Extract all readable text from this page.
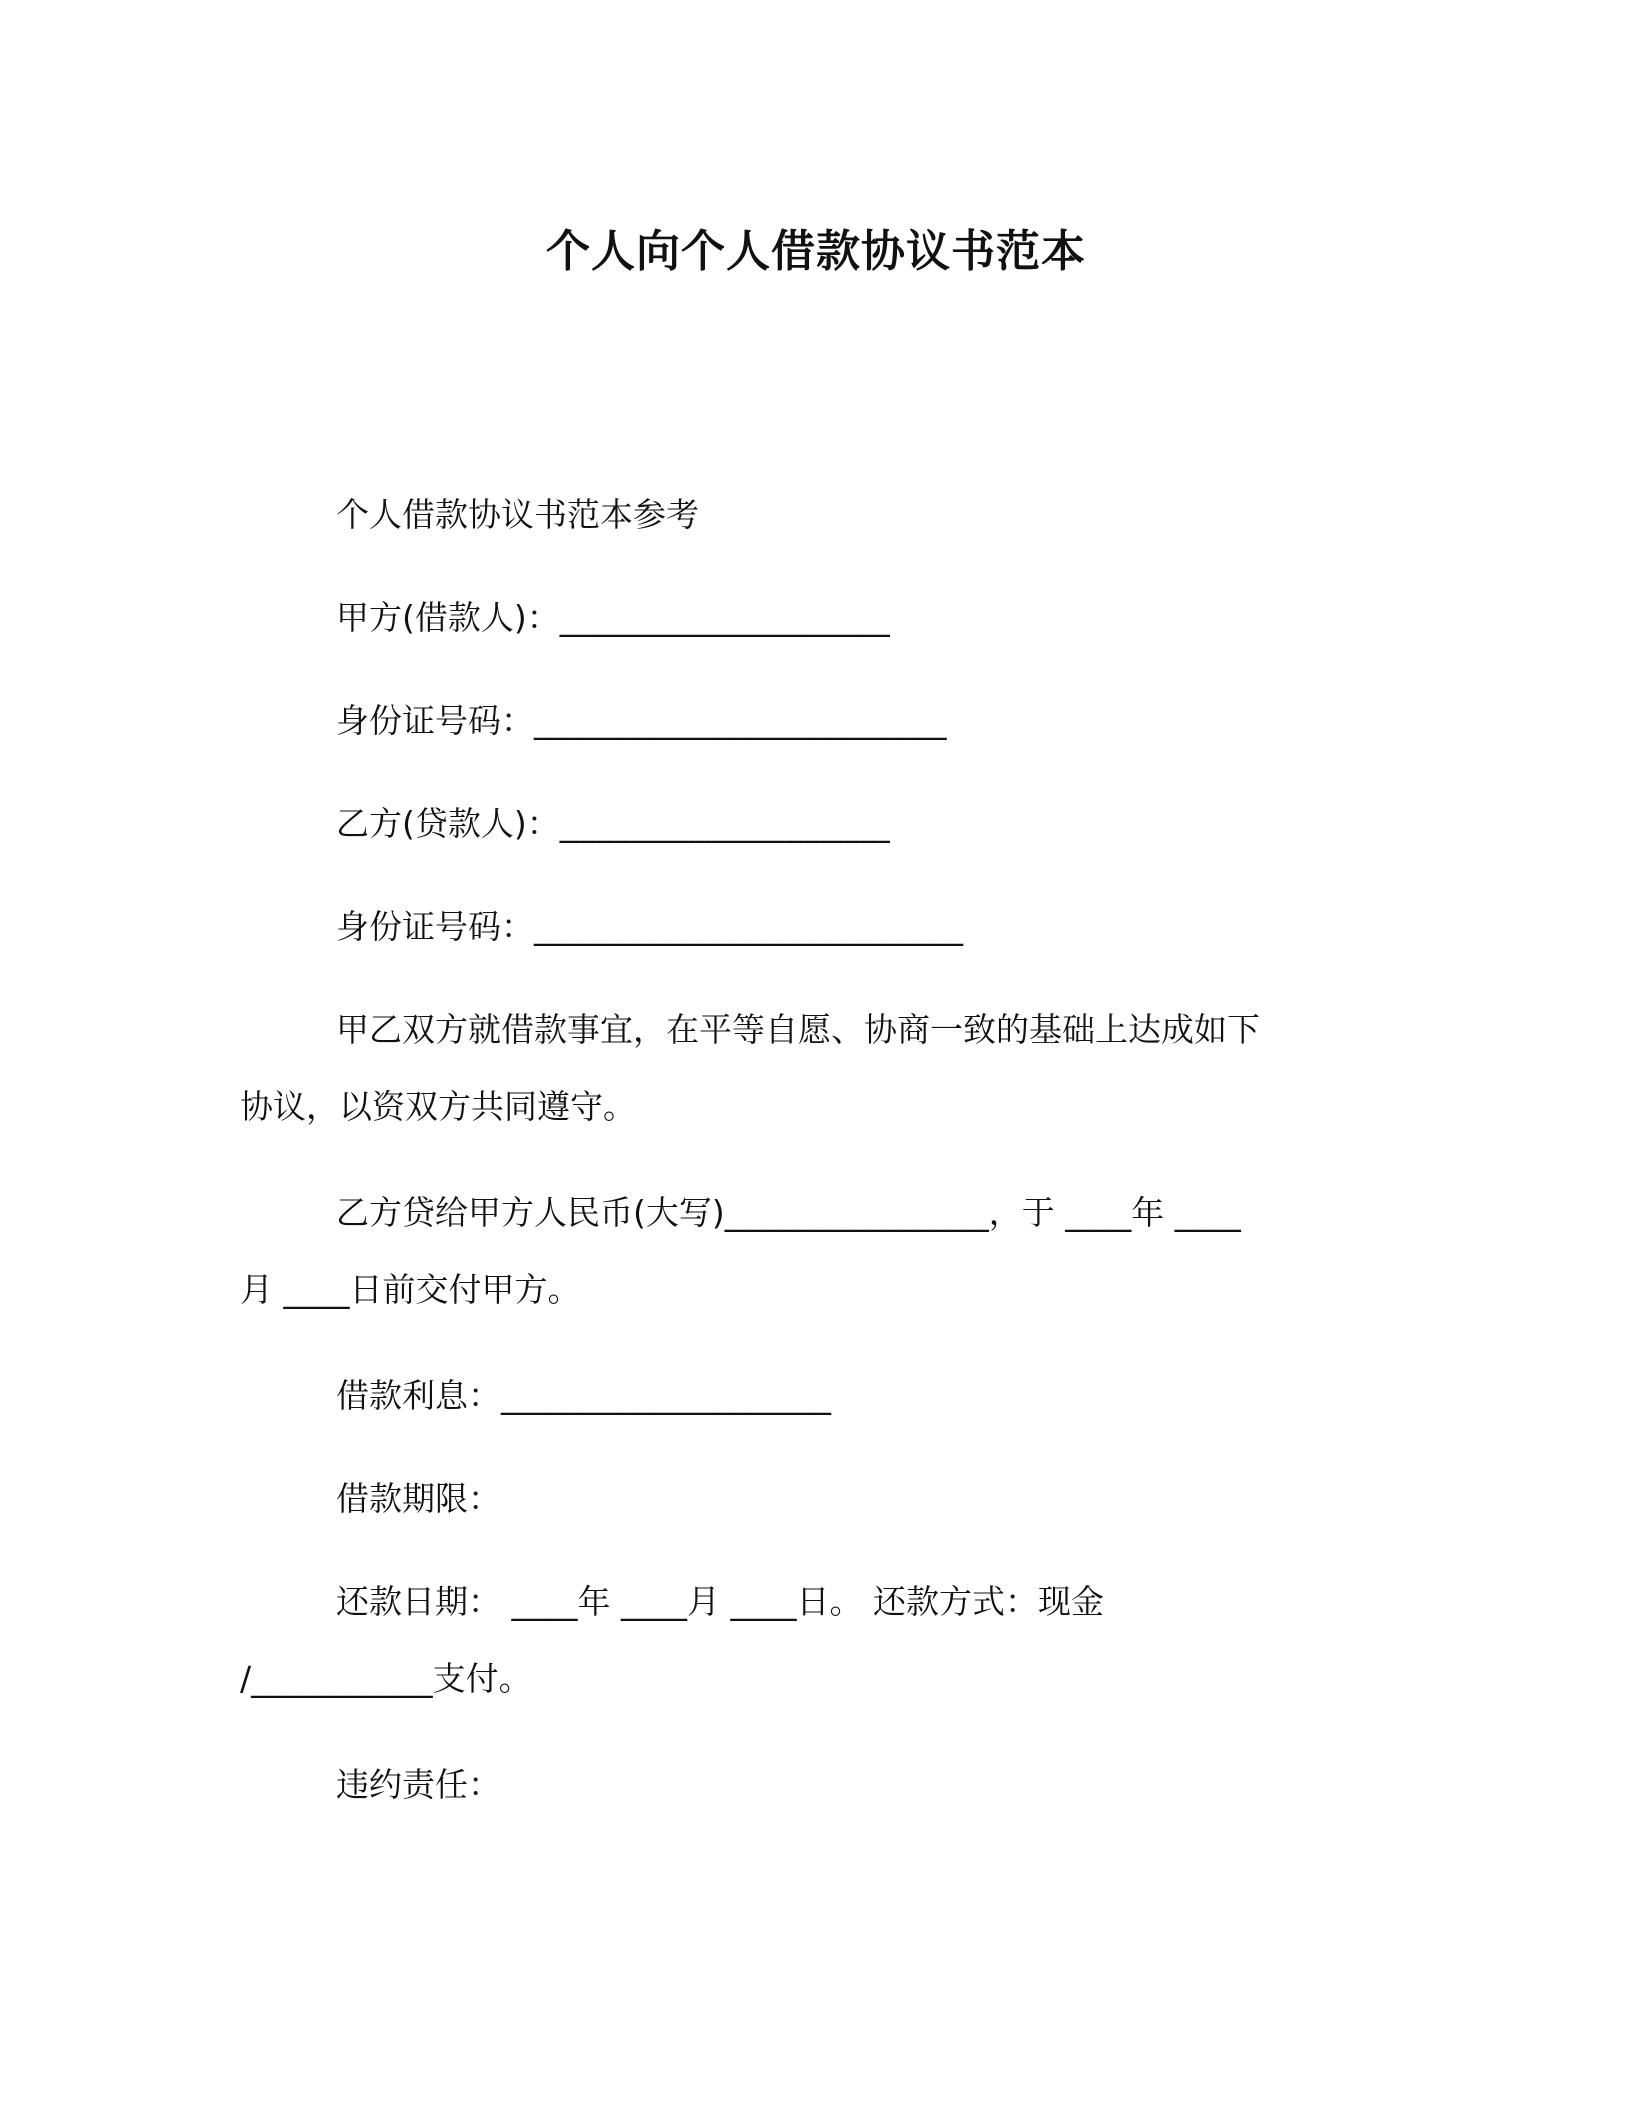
个人向个人借款协议书范本

个人借款协议书范本参考

甲方(借款人)：____________________

身份证号码：_________________________

乙方(贷款人)：____________________

身份证号码：__________________________

甲乙双方就借款事宜，在平等自愿、协商一致的基础上达成如下

协议，以资双方共同遵守。

乙方贷给甲方人民币(大写)________________，于 ____年 ____

月 ____日前交付甲方。

借款利息：____________________

借款期限：

还款日期： ____年 ____月 ____日。 还款方式：现金

/___________支付。

违约责任：
